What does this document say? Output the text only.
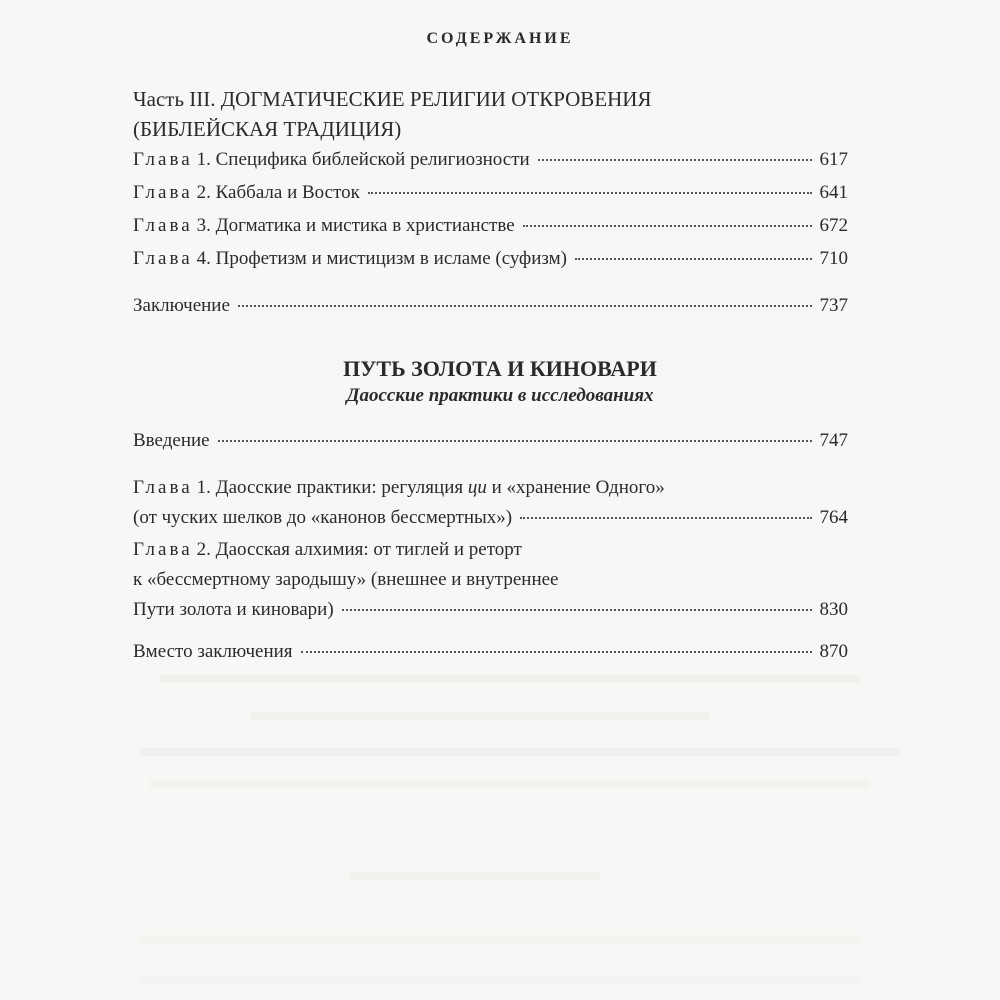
СОДЕРЖАНИЕ
Часть III. ДОГМАТИЧЕСКИЕ РЕЛИГИИ ОТКРОВЕНИЯ
(БИБЛЕЙСКАЯ ТРАДИЦИЯ)
Глава 1. Специфика библейской религиозности	617
Глава 2. Каббала и Восток	641
Глава 3. Догматика и мистика в христианстве	672
Глава 4. Профетизм и мистицизм в исламе (суфизм)	710
Заключение	737
ПУТЬ ЗОЛОТА И КИНОВАРИ
Даосские практики в исследованиях
Введение	747
Глава 1. Даосские практики: регуляция ци и «хранение Одного»
(от чуских шелков до «канонов бессмертных»)	764
Глава 2. Даосская алхимия: от тиглей и реторт
к «бессмертному зародышу» (внешнее и внутреннее
Пути золота и киновари)	830
Вместо заключения	870
